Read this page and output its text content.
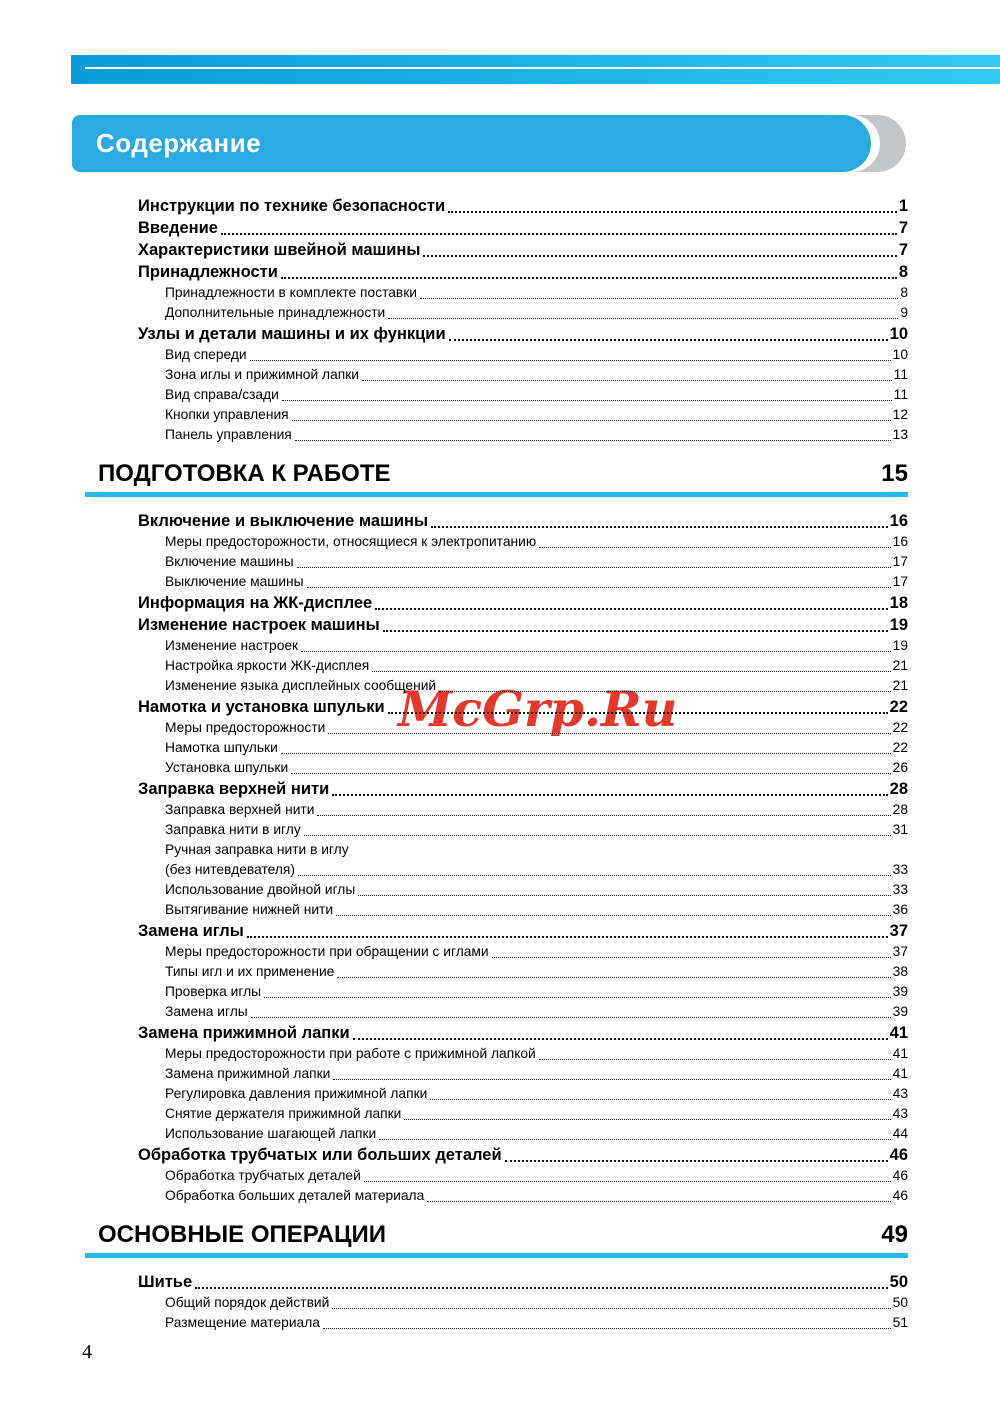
Содержание
Инструкции по технике безопасности	1
Введение	7
Характеристики швейной машины	7
Принадлежности	8
Принадлежности в комплекте поставки	8
Дополнительные принадлежности	9
Узлы и детали машины и их функции	10
Вид спереди	10
Зона иглы и прижимной лапки	11
Вид справа/сзади	11
Кнопки управления	12
Панель управления	13
ПОДГОТОВКА К РАБОТЕ	15
Включение и выключение машины	16
Меры предосторожности, относящиеся к электропитанию	16
Включение машины	17
Выключение машины	17
Информация на ЖК-дисплее	18
Изменение настроек машины	19
Изменение настроек	19
Настройка яркости ЖК-дисплея	21
Изменение языка дисплейных сообщений	21
Намотка и установка шпульки	22
Меры предосторожности	22
Намотка шпульки	22
Установка шпульки	26
Заправка верхней нити	28
Заправка верхней нити	28
Заправка нити в иглу	31
Ручная заправка нити в иглу
(без нитевдевателя)	33
Использование двойной иглы	33
Вытягивание нижней нити	36
Замена иглы	37
Меры предосторожности при обращении с иглами	37
Типы игл и их применение	38
Проверка иглы	39
Замена иглы	39
Замена прижимной лапки	41
Меры предосторожности при работе с прижимной лапкой	41
Замена прижимной лапки	41
Регулировка давления прижимной лапки	43
Снятие держателя прижимной лапки	43
Использование шагающей лапки	44
Обработка трубчатых или больших деталей	46
Обработка трубчатых деталей	46
Обработка больших деталей материала	46
ОСНОВНЫЕ ОПЕРАЦИИ	49
Шитье	50
Общий порядок действий	50
Размещение материала	51
McGrp.Ru
4
